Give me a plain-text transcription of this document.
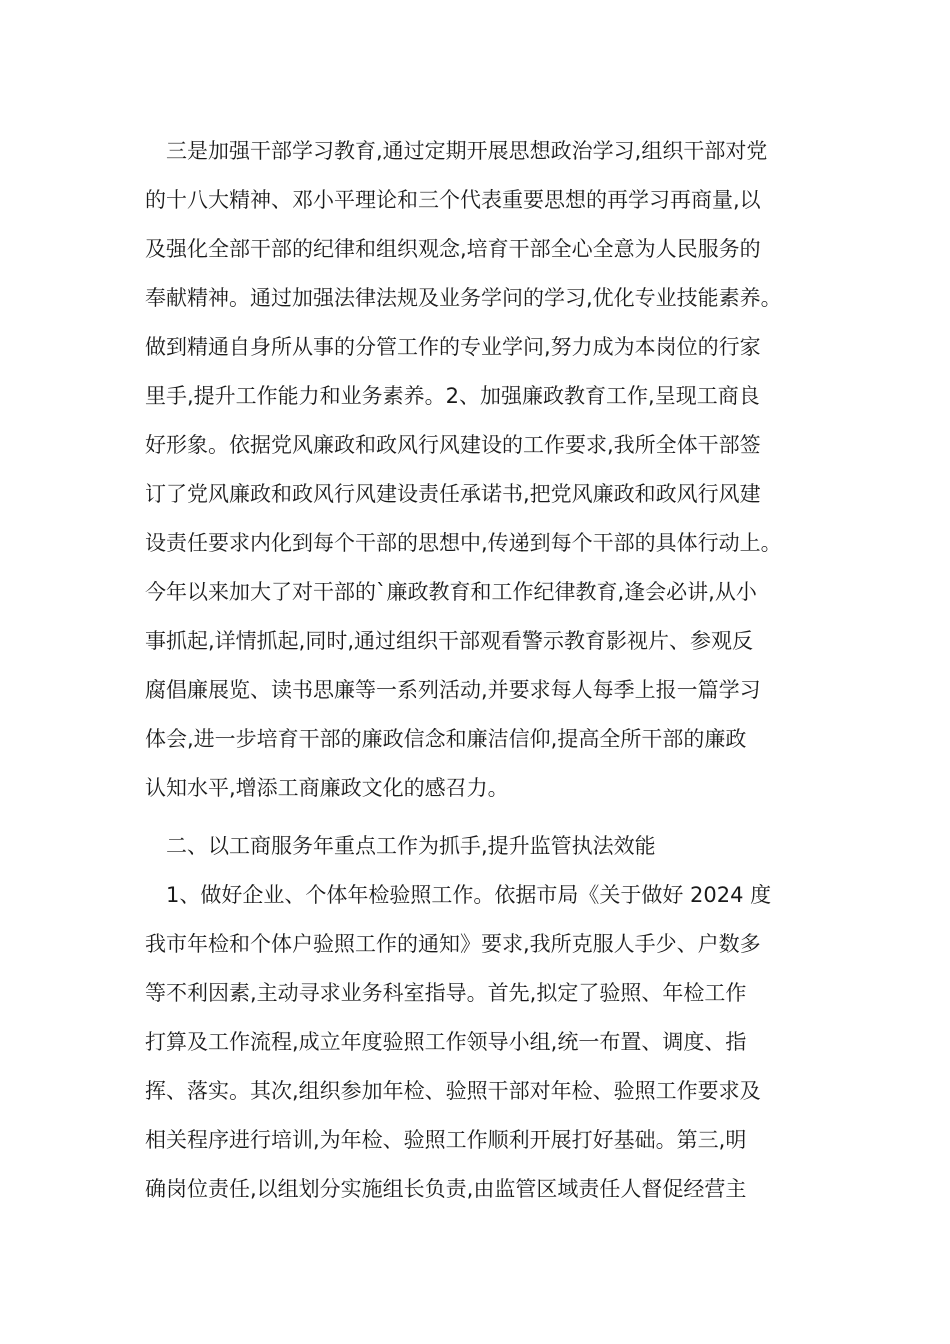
　三是加强干部学习教育,通过定期开展思想政治学习,组织干部对党
的十八大精神、邓小平理论和三个代表重要思想的再学习再商量,以
及强化全部干部的纪律和组织观念,培育干部全心全意为人民服务的
奉献精神。通过加强法律法规及业务学问的学习,优化专业技能素养。
做到精通自身所从事的分管工作的专业学问,努力成为本岗位的行家
里手,提升工作能力和业务素养。2、加强廉政教育工作,呈现工商良
好形象。依据党风廉政和政风行风建设的工作要求,我所全体干部签
订了党风廉政和政风行风建设责任承诺书,把党风廉政和政风行风建
设责任要求内化到每个干部的思想中,传递到每个干部的具体行动上。
今年以来加大了对干部的`廉政教育和工作纪律教育,逢会必讲,从小
事抓起,详情抓起,同时,通过组织干部观看警示教育影视片、参观反
腐倡廉展览、读书思廉等一系列活动,并要求每人每季上报一篇学习
体会,进一步培育干部的廉政信念和廉洁信仰,提高全所干部的廉政
认知水平,增添工商廉政文化的感召力。
　二、以工商服务年重点工作为抓手,提升监管执法效能
　1、做好企业、个体年检验照工作。依据市局《关于做好 2024 度
我市年检和个体户验照工作的通知》要求,我所克服人手少、户数多
等不利因素,主动寻求业务科室指导。首先,拟定了验照、年检工作
打算及工作流程,成立年度验照工作领导小组,统一布置、调度、指
挥、落实。其次,组织参加年检、验照干部对年检、验照工作要求及
相关程序进行培训,为年检、验照工作顺利开展打好基础。第三,明
确岗位责任,以组划分实施组长负责,由监管区域责任人督促经营主
